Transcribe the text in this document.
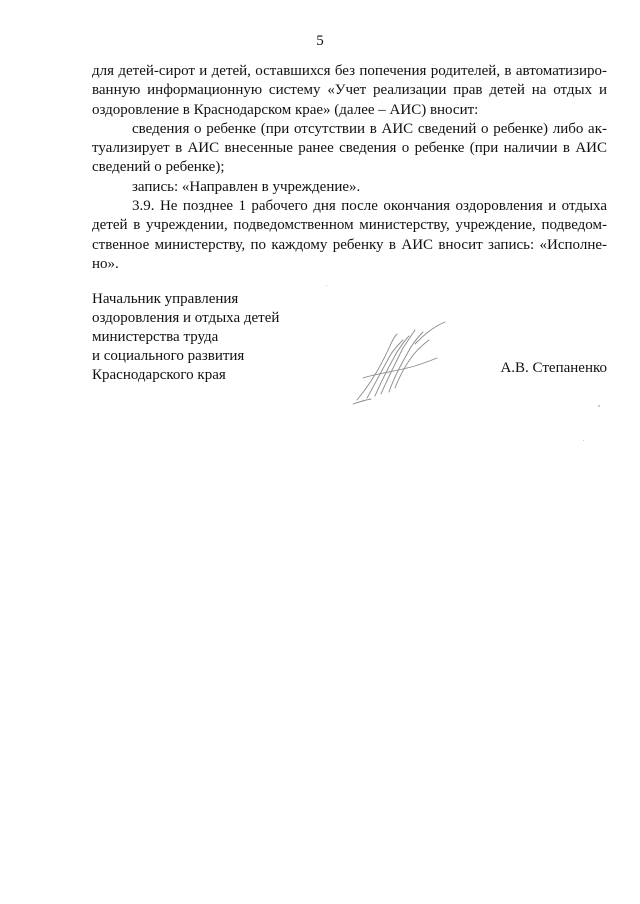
5

для детей-сирот и детей, оставшихся без попечения родителей, в автоматизированную информационную систему «Учет реализации прав детей на отдых и оздоровление в Краснодарском крае» (далее – АИС) вносит:

сведения о ребенке (при отсутствии в АИС сведений о ребенке) либо актуализирует в АИС внесенные ранее сведения о ребенке (при наличии в АИС сведений о ребенке);

запись: «Направлен в учреждение».

3.9. Не позднее 1 рабочего дня после окончания оздоровления и отдыха детей в учреждении, подведомственном министерству, учреждение, подведомственное министерству, по каждому ребенку в АИС вносит запись: «Исполнено».

Начальник управления
оздоровления и отдыха детей
министерства труда
и социального развития
Краснодарского края	А.В. Степаненко
